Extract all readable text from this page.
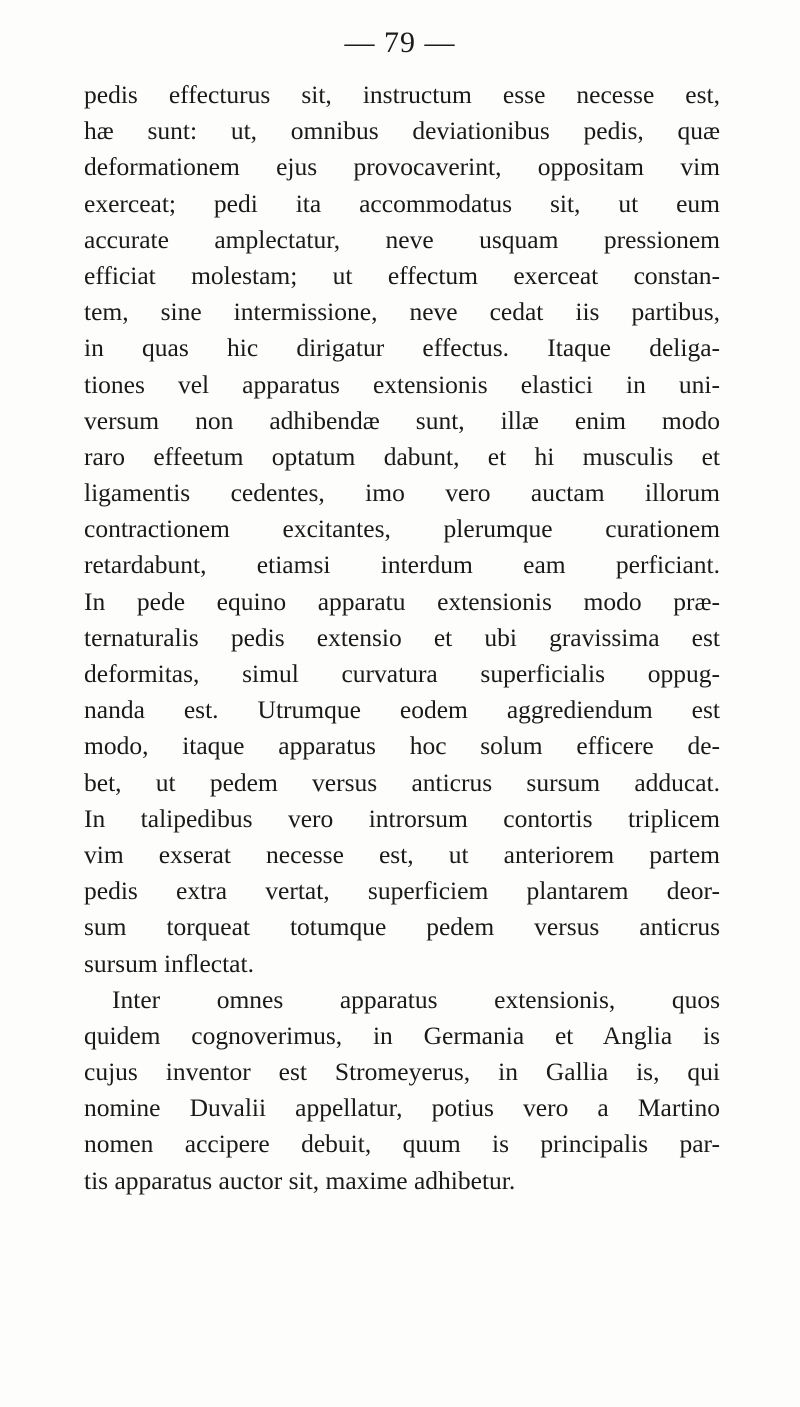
— 79 —
pedis effecturus sit, instructum esse necesse est,
hæ sunt: ut, omnibus deviationibus pedis, quæ
deformationem ejus provocaverint, oppositam vim
exerceat; pedi ita accommodatus sit, ut eum
accurate amplectatur, neve usquam pressionem
efficiat molestam; ut effectum exerceat constan-
tem, sine intermissione, neve cedat iis partibus,
in quas hic dirigatur effectus. Itaque deliga-
tiones vel apparatus extensionis elastici in uni-
versum non adhibendæ sunt, illæ enim modo
raro effeetum optatum dabunt, et hi musculis et
ligamentis cedentes, imo vero auctam illorum
contractionem excitantes, plerumque curationem
retardabunt, etiamsi interdum eam perficiant.
In pede equino apparatu extensionis modo præ-
ternaturalis pedis extensio et ubi gravissima est
deformitas, simul curvatura superficialis oppug-
nanda est. Utrumque eodem aggrediendum est
modo, itaque apparatus hoc solum efficere de-
bet, ut pedem versus anticrus sursum adducat.
In talipedibus vero introrsum contortis triplicem
vim exserat necesse est, ut anteriorem partem
pedis extra vertat, superficiem plantarem deor-
sum torqueat totumque pedem versus anticrus
sursum inflectat.
Inter omnes apparatus extensionis, quos
quidem cognoverimus, in Germania et Anglia is
cujus inventor est Stromeyerus, in Gallia is, qui
nomine Duvalii appellatur, potius vero a Martino
nomen accipere debuit, quum is principalis par-
tis apparatus auctor sit, maxime adhibetur.
